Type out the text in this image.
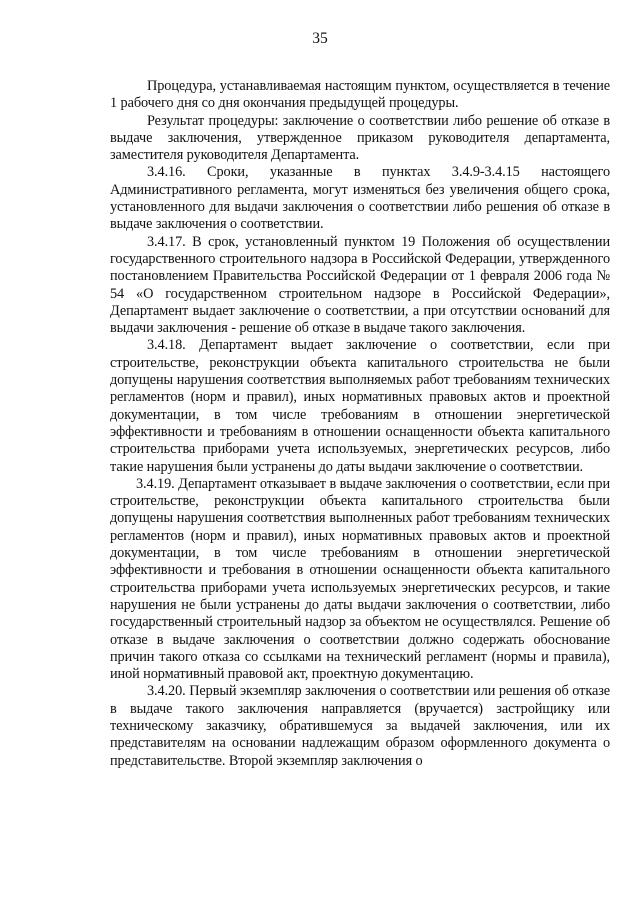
35

Процедура, устанавливаемая настоящим пунктом, осуществляется в течение 1 рабочего дня со дня окончания предыдущей процедуры.

Результат процедуры: заключение о соответствии либо решение об отказе в выдаче заключения, утвержденное приказом руководителя департамента, заместителя руководителя Департамента.

3.4.16. Сроки, указанные в пунктах 3.4.9-3.4.15 настоящего Административного регламента, могут изменяться без увеличения общего срока, установленного для выдачи заключения о соответствии либо решения об отказе в выдаче заключения о соответствии.

3.4.17. В срок, установленный пунктом 19 Положения об осуществлении государственного строительного надзора в Российской Федерации, утвержденного постановлением Правительства Российской Федерации от 1 февраля 2006 года № 54 «О государственном строительном надзоре в Российской Федерации», Департамент выдает заключение о соответствии, а при отсутствии оснований для выдачи заключения - решение об отказе в выдаче такого заключения.

3.4.18. Департамент выдает заключение о соответствии, если при строительстве, реконструкции объекта капитального строительства не были допущены нарушения соответствия выполняемых работ требованиям технических регламентов (норм и правил), иных нормативных правовых актов и проектной документации, в том числе требованиям в отношении энергетической эффективности и требованиям в отношении оснащенности объекта капитального строительства приборами учета используемых, энергетических ресурсов, либо такие нарушения были устранены до даты выдачи заключение о соответствии.

3.4.19. Департамент отказывает в выдаче заключения о соответствии, если при строительстве, реконструкции объекта капитального строительства были допущены нарушения соответствия выполненных работ требованиям технических регламентов (норм и правил), иных нормативных правовых актов и проектной документации, в том числе требованиям в отношении энергетической эффективности и требования в отношении оснащенности объекта капитального строительства приборами учета используемых энергетических ресурсов, и такие нарушения не были устранены до даты выдачи заключения о соответствии, либо государственный строительный надзор за объектом не осуществлялся. Решение об отказе в выдаче заключения о соответствии должно содержать обоснование причин такого отказа со ссылками на технический регламент (нормы и правила), иной нормативный правовой акт, проектную документацию.

3.4.20. Первый экземпляр заключения о соответствии или решения об отказе в выдаче такого заключения направляется (вручается) застройщику или техническому заказчику, обратившемуся за выдачей заключения, или их представителям на основании надлежащим образом оформленного документа о представительстве. Второй экземпляр заключения о
